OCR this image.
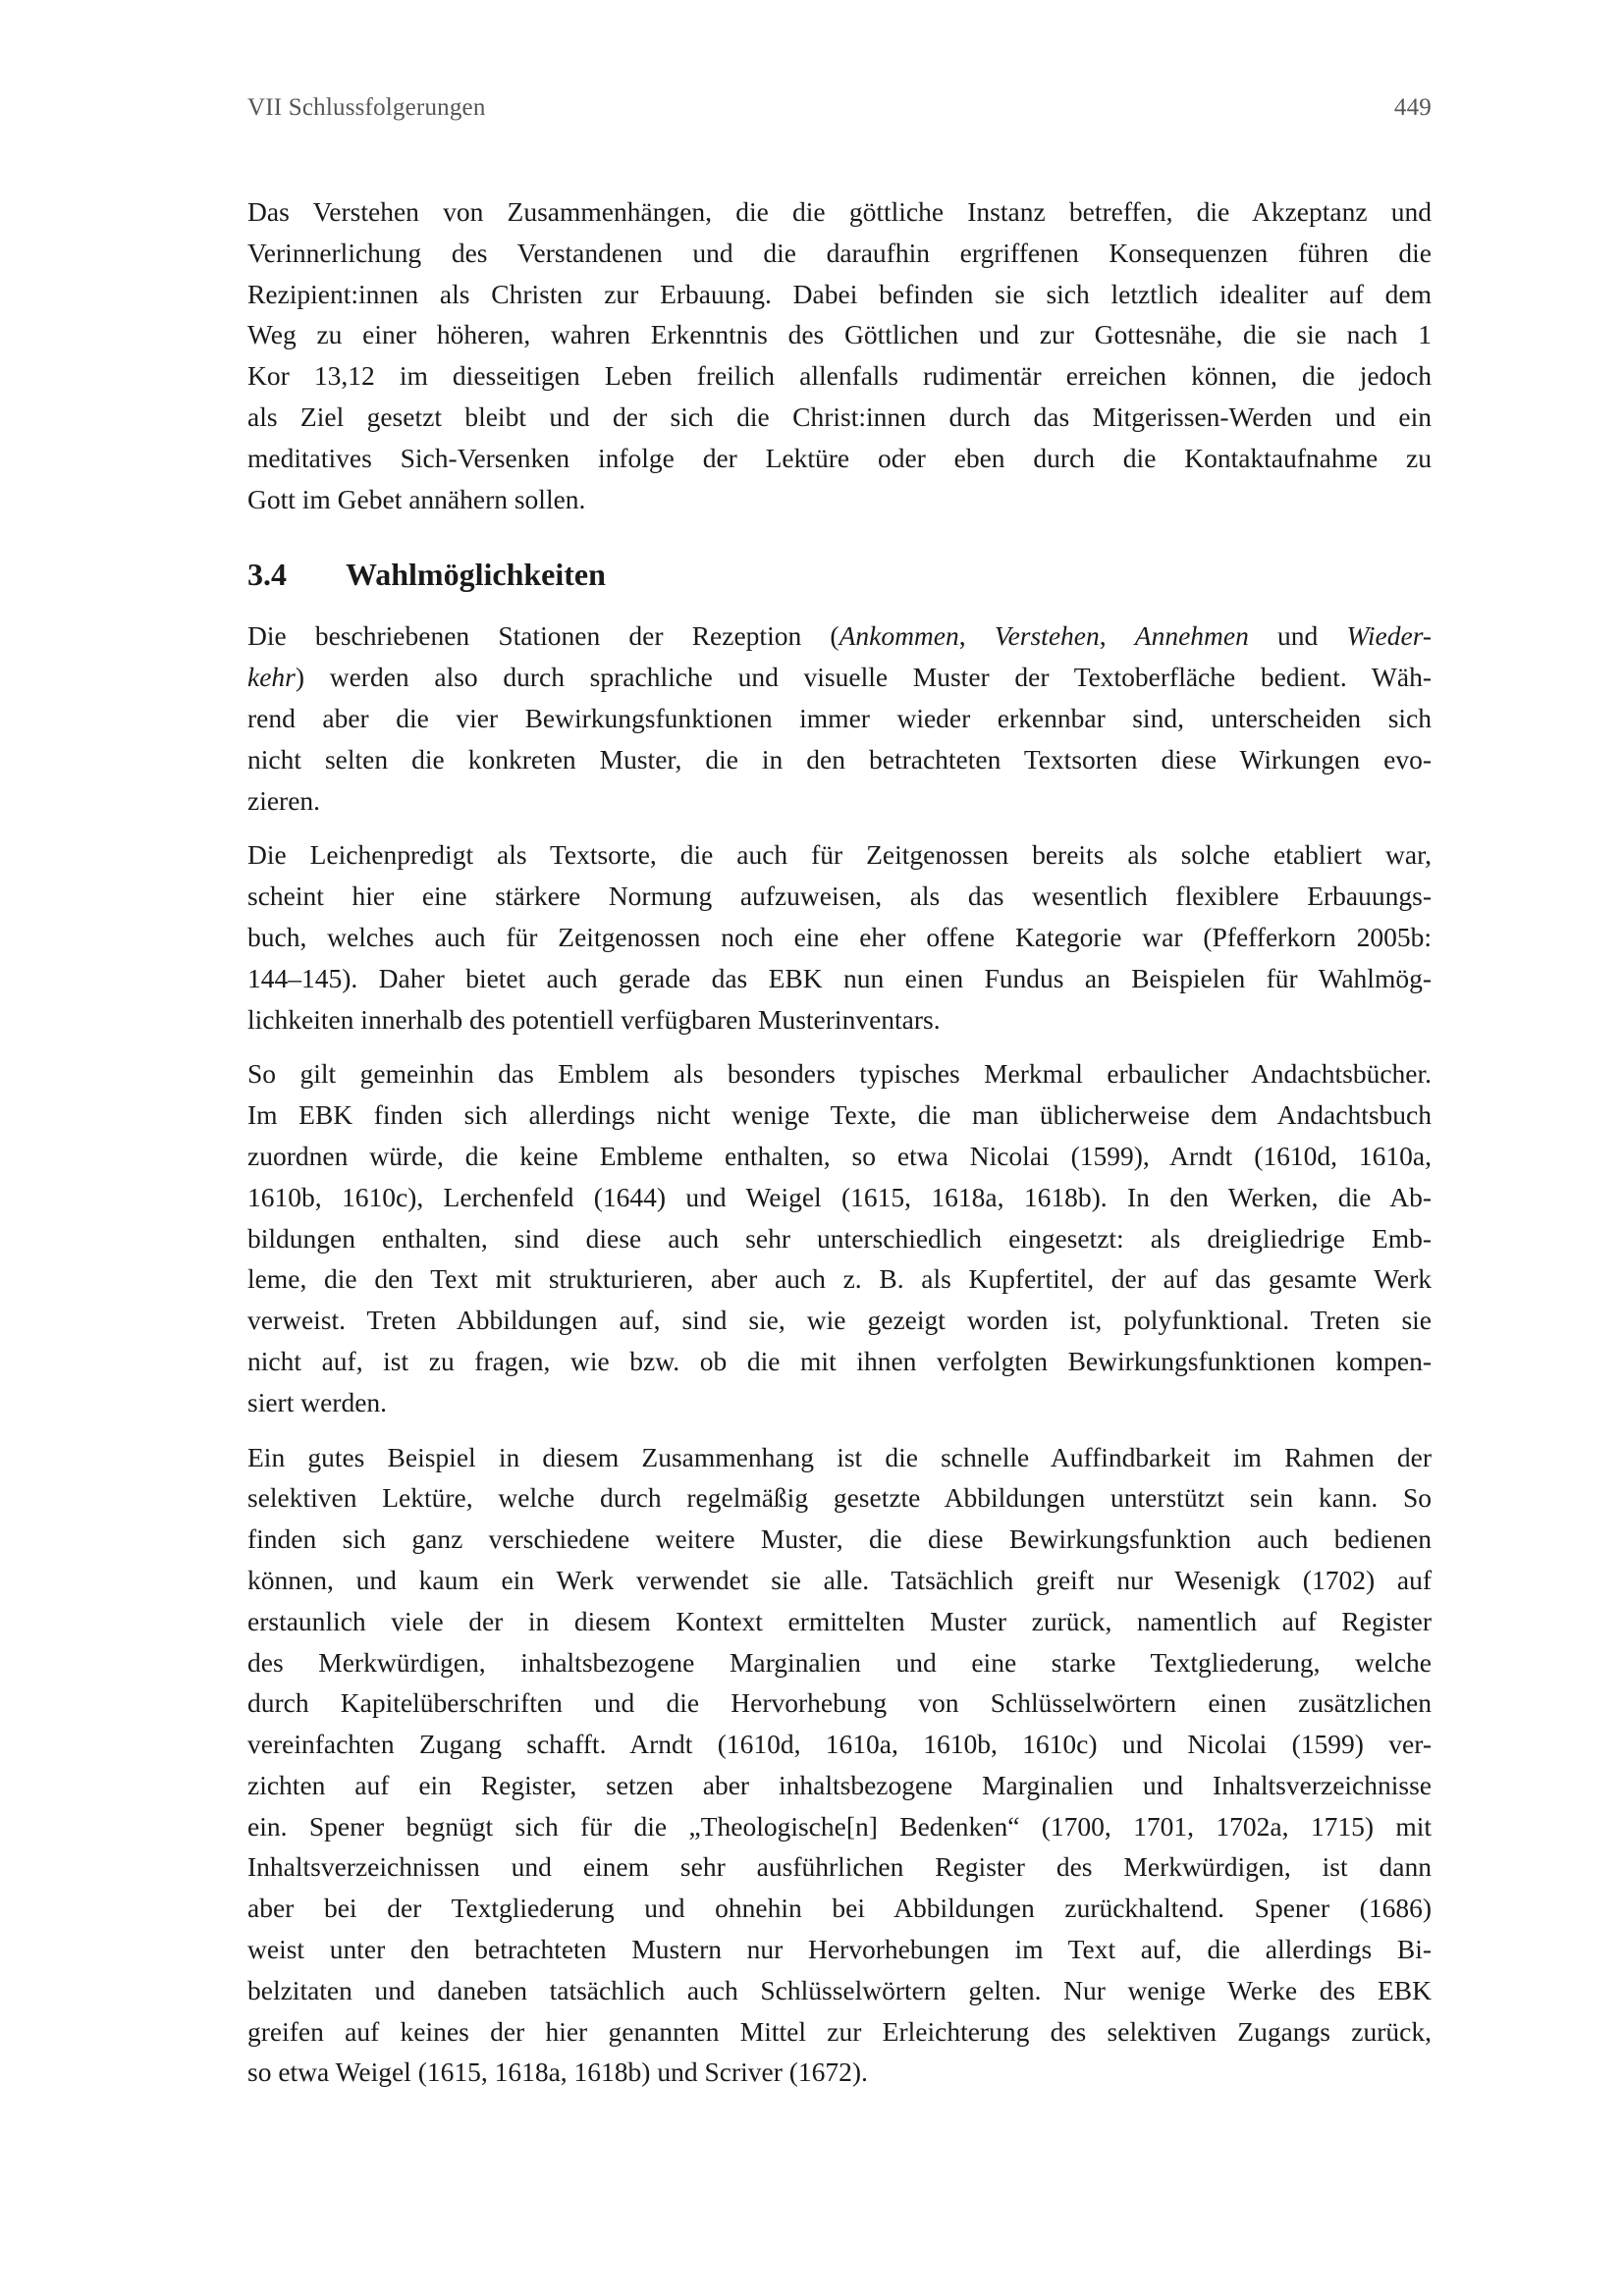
VII Schlussfolgerungen	449

Das Verstehen von Zusammenhängen, die die göttliche Instanz betreffen, die Akzeptanz und
Verinnerlichung des Verstandenen und die daraufhin ergriffenen Konsequenzen führen die
Rezipient:innen als Christen zur Erbauung. Dabei befinden sie sich letztlich idealiter auf dem
Weg zu einer höheren, wahren Erkenntnis des Göttlichen und zur Gottesnähe, die sie nach 1
Kor 13,12 im diesseitigen Leben freilich allenfalls rudimentär erreichen können, die jedoch
als Ziel gesetzt bleibt und der sich die Christ:innen durch das Mitgerissen-Werden und ein
meditatives Sich-Versenken infolge der Lektüre oder eben durch die Kontaktaufnahme zu
Gott im Gebet annähern sollen.

3.4	Wahlmöglichkeiten

Die beschriebenen Stationen der Rezeption (Ankommen, Verstehen, Annehmen und Wieder-
kehr) werden also durch sprachliche und visuelle Muster der Textoberfläche bedient. Wäh-
rend aber die vier Bewirkungsfunktionen immer wieder erkennbar sind, unterscheiden sich
nicht selten die konkreten Muster, die in den betrachteten Textsorten diese Wirkungen evo-
zieren.

Die Leichenpredigt als Textsorte, die auch für Zeitgenossen bereits als solche etabliert war,
scheint hier eine stärkere Normung aufzuweisen, als das wesentlich flexiblere Erbauungs-
buch, welches auch für Zeitgenossen noch eine eher offene Kategorie war (Pfefferkorn 2005b:
144–145). Daher bietet auch gerade das EBK nun einen Fundus an Beispielen für Wahlmög-
lichkeiten innerhalb des potentiell verfügbaren Musterinventars.

So gilt gemeinhin das Emblem als besonders typisches Merkmal erbaulicher Andachtsbücher.
Im EBK finden sich allerdings nicht wenige Texte, die man üblicherweise dem Andachtsbuch
zuordnen würde, die keine Embleme enthalten, so etwa Nicolai (1599), Arndt (1610d, 1610a,
1610b, 1610c), Lerchenfeld (1644) und Weigel (1615, 1618a, 1618b). In den Werken, die Ab-
bildungen enthalten, sind diese auch sehr unterschiedlich eingesetzt: als dreigliedrige Emb-
leme, die den Text mit strukturieren, aber auch z. B. als Kupfertitel, der auf das gesamte Werk
verweist. Treten Abbildungen auf, sind sie, wie gezeigt worden ist, polyfunktional. Treten sie
nicht auf, ist zu fragen, wie bzw. ob die mit ihnen verfolgten Bewirkungsfunktionen kompen-
siert werden.

Ein gutes Beispiel in diesem Zusammenhang ist die schnelle Auffindbarkeit im Rahmen der
selektiven Lektüre, welche durch regelmäßig gesetzte Abbildungen unterstützt sein kann. So
finden sich ganz verschiedene weitere Muster, die diese Bewirkungsfunktion auch bedienen
können, und kaum ein Werk verwendet sie alle. Tatsächlich greift nur Wesenigk (1702) auf
erstaunlich viele der in diesem Kontext ermittelten Muster zurück, namentlich auf Register
des Merkwürdigen, inhaltsbezogene Marginalien und eine starke Textgliederung, welche
durch Kapitelüberschriften und die Hervorhebung von Schlüsselwörtern einen zusätzlichen
vereinfachten Zugang schafft. Arndt (1610d, 1610a, 1610b, 1610c) und Nicolai (1599) ver-
zichten auf ein Register, setzen aber inhaltsbezogene Marginalien und Inhaltsverzeichnisse
ein. Spener begnügt sich für die „Theologische[n] Bedenken“ (1700, 1701, 1702a, 1715) mit
Inhaltsverzeichnissen und einem sehr ausführlichen Register des Merkwürdigen, ist dann
aber bei der Textgliederung und ohnehin bei Abbildungen zurückhaltend. Spener (1686)
weist unter den betrachteten Mustern nur Hervorhebungen im Text auf, die allerdings Bi-
belzitaten und daneben tatsächlich auch Schlüsselwörtern gelten. Nur wenige Werke des EBK
greifen auf keines der hier genannten Mittel zur Erleichterung des selektiven Zugangs zurück,
so etwa Weigel (1615, 1618a, 1618b) und Scriver (1672).
